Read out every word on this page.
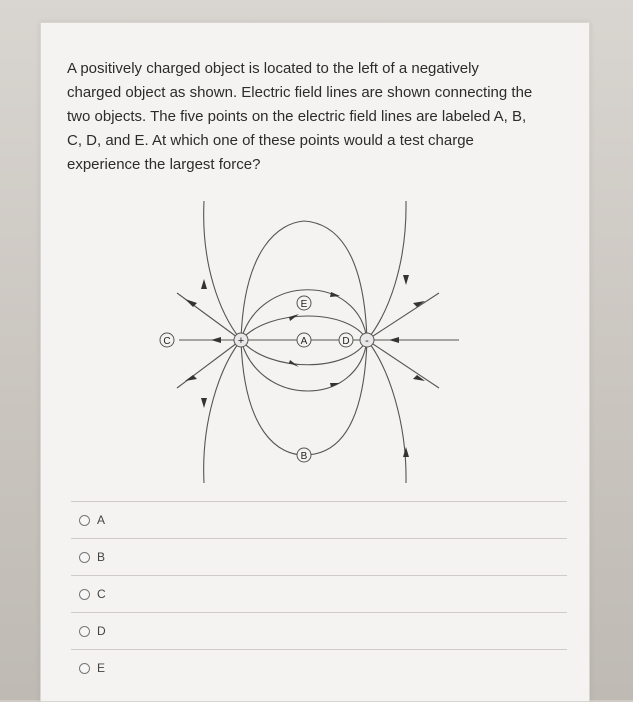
A positively charged object is located to the left of a negatively
charged object as shown. Electric field lines are shown connecting the
two objects. The five points on the electric field lines are labeled A, B,
C, D, and E. At which one of these points would a test charge
experience the largest force?
+	-
E
A	D
C
B
A
B
C
D
E
